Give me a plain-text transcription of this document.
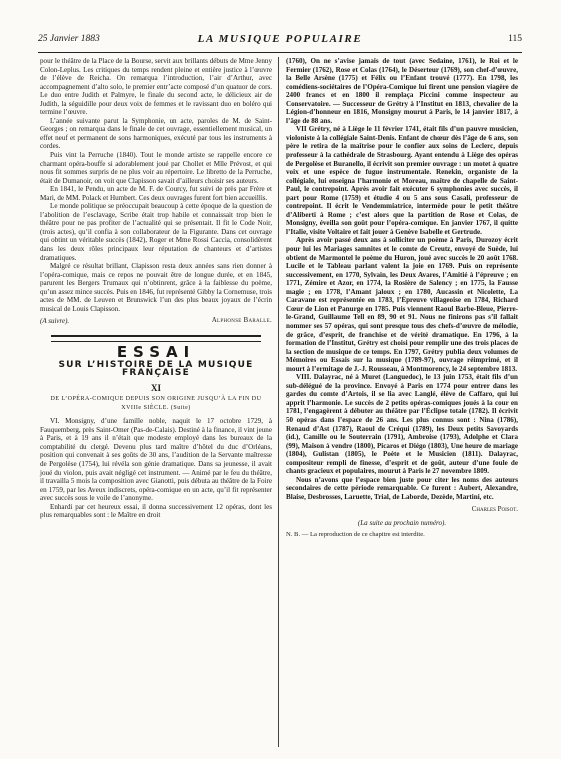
25 Janvier 1883	LA MUSIQUE POPULAIRE	115

pour le théâtre de la Place de la Bourse, servit aux brillants débuts de Mme Jenny Colon-Leplus. Les critiques du temps rendent pleine et entière justice à l’œuvre de l’élève de Reicha. On remarqua l’introduction, l’air d’Arthur, avec accompagnement d’alto solo, le premier entr’acte composé d’un quatuor de cors. Le duo entre Judith et Palmyre, le finale du second acte, le délicieux air de Judith, la séguidille pour deux voix de femmes et le ravissant duo en boléro qui termine l’œuvre.

L’année suivante parut la Symphonie, un acte, paroles de M. de Saint-Georges ; on remarqua dans le finale de cet ouvrage, essentiellement musical, un effet neuf et permanent de sons harmoniques, exécuté par tous les instruments à cordes.

Puis vint la Perruche (1840). Tout le monde artiste se rappelle encore ce charmant opéra-bouffe si adorablement joué par Chollet et Mlle Prévost, et qui nous fit sommes surpris de ne plus voir au répertoire. Le libretto de la Perruche, était de Dumanoir, on voit que Clapisson savait d’ailleurs choisir ses auteurs.

En 1841, le Pendu, un acte de M. F. de Courcy, fut suivi de près par Frère et Mari, de MM. Polack et Humbert. Ces deux ouvrages furent fort bien accueillis.

Le monde politique se préoccupait beaucoup à cette époque de la question de l’abolition de l’esclavage, Scribe était trop habile et connaissait trop bien le théâtre pour ne pas profiter de l’actualité qui se présentait. Il fit le Code Noir, (trois actes), qu’il confia à son collaborateur de la Figurante. Dans cet ouvrage qui obtint un véritable succès (1842), Roger et Mme Rossi Caccia, consolidèrent dans les deux rôles principaux leur réputation de chanteurs et d’artistes dramatiques.

Malgré ce résultat brillant, Clapisson resta deux années sans rien donner à l’opéra-comique, mais ce repos ne pouvait être de longue durée, et en 1845, parurent les Bergers Trumaux qui n’obtinrent, grâce à la faiblesse du poème, qu’un assez mince succès. Puis en 1846, fut représenté Gibby la Cornemuse, trois actes de MM. de Leuven et Brunswick l’un des plus beaux joyaux de l’écrin musical de Louis Clapisson.

(A suivre).	Alphonse Baralle.
ESSAI
SUR L’HISTOIRE DE LA MUSIQUE FRANÇAISE
XI
DE L’OPÉRA-COMIQUE DEPUIS SON ORIGINE JUSQU’À LA FIN DU XVIIIe SIÈCLE. (Suite)

VI. Monsigny, d’une famille noble, naquit le 17 octobre 1729, à Fauquemberg, près Saint-Omer (Pas-de-Calais). Destiné à la finance, il vint jeune à Paris, et à 19 ans il n’était que modeste employé dans les bureaux de la comptabilité du clergé. Devenu plus tard maître d’hôtel du duc d’Orléans, position qui convenait à ses goûts de 30 ans, l’audition de la Servante maîtresse de Pergolèse (1754), lui révéla son génie dramatique. Dans sa jeunesse, il avait joué du violon, puis avait négligé cet instrument. — Animé par le feu du théâtre, il travailla 5 mois la composition avec Gianotti, puis débuta au théâtre de la Foire en 1759, par les Aveux indiscrets, opéra-comique en un acte, qu’il fit représenter avec succès sous le voile de l’anonyme.

Enhardi par cet heureux essai, il donna successivement 12 opéras, dont les plus remarquables sont : le Maître en droit

(1760), On ne s’avise jamais de tout (avec Sedaine, 1761), le Roi et le Fermier (1762), Rose et Colas (1764), le Déserteur (1769), son chef-d’œuvre, la Belle Arsène (1775) et Félix ou l’Enfant trouvé (1777). En 1798, les comédiens-sociétaires de l’Opéra-Comique lui firent une pension viagère de 2400 francs et en 1800 il remplaça Piccini comme inspecteur au Conservatoire. — Successeur de Grétry à l’Institut en 1813, chevalier de la Légion-d’honneur en 1816, Monsigny mourut à Paris, le 14 janvier 1817, à l’âge de 88 ans.

VII Grétry, né à Liège le 11 février 1741, était fils d’un pauvre musicien, violoniste à la collégiale Saint-Denis. Enfant de chœur dès l’âge de 6 ans, son père le retira de la maîtrise pour le confier aux soins de Leclerc, depuis professeur à la cathédrale de Strasbourg. Ayant entendu à Liège des opéras de Pergolèse et Buranello, il écrivit son premier ouvrage : un motet à quatre voix et une espèce de fugue instrumentale. Renekin, organiste de la collégiale, lui enseigna l’harmonie et Moreau, maître de chapelle de Saint-Paul, le contrepoint. Après avoir fait exécuter 6 symphonies avec succès, il part pour Rome (1759) et étudie 4 ou 5 ans sous Casali, professeur de contrepoint. Il écrit le Vendemmiatrice, intermède pour le petit théâtre d’Aliberti à Rome ; c’est alors que la partition de Rose et Colas, de Monsigny, éveilla son goût pour l’opéra-comique. En janvier 1767, il quitte l’Italie, visite Voltaire et fait jouer à Genève Isabelle et Gertrude.

Après avoir passé deux ans à solliciter un poème à Paris, Durozoy écrit pour lui les Mariages samnites et le comte de Creutz, envoyé de Suède, lui obtient de Marmontel le poème du Huron, joué avec succès le 20 août 1768. Lucile et le Tableau parlant valent la joie en 1769. Puis on représente successivement, en 1770, Sylvain, les Deux Avares, l’Amitié à l’épreuve ; en 1771, Zémire et Azor, en 1774, la Rosière de Salency ; en 1775, la Fausse magie ; en 1778, l’Amant jaloux ; en 1780, Aucassin et Nicolette, La Caravane est représentée en 1783, l’Épreuve villageoise en 1784, Richard Cœur de Lion et Panurge en 1785. Puis viennent Raoul Barbe-Bleue, Pierre-le-Grand, Guillaume Tell en 89, 90 et 91. Nous ne finirons pas s’il fallait nommer ses 57 opéras, qui sont presque tous des chefs-d’œuvre de mélodie, de grâce, d’esprit, de franchise et de vérité dramatique. En 1796, à la formation de l’Institut, Grétry est choisi pour remplir une des trois places de la section de musique de ce temps. En 1797, Grétry publia deux volumes de Mémoires ou Essais sur la musique (1789-97), ouvrage réimprimé, et il mourt à l’ermitage de J.-J. Rousseau, à Montmorency, le 24 septembre 1813.

VIII. Dalayrac, né à Muret (Languedoc), le 13 juin 1753, était fils d’un sub-délégué de la province. Envoyé à Paris en 1774 pour entrer dans les gardes du comte d’Artois, il se lia avec Langlé, élève de Caffaro, qui lui apprit l’harmonie. Le succès de 2 petits opéras-comiques joués à la cour en 1781, l’engagèrent à débuter au théâtre par l’Éclipse totale (1782). Il écrivit 50 opéras dans l’espace de 26 ans. Les plus connus sont : Nina (1786), Renaud d’Ast (1787), Raoul de Créqui (1789), les Deux petits Savoyards (id.), Camille ou le Souterrain (1791), Ambroise (1793), Adolphe et Clara (99), Maison à vendre (1800), Picaros et Diégo (1803), Une heure de mariage (1804), Gulistan (1805), le Poète et le Musicien (1811). Dalayrac, compositeur rempli de finesse, d’esprit et de goût, auteur d’une foule de chants gracieux et populaires, mourut à Paris le 27 novembre 1809.

Nous n’avons que l’espace bien juste pour citer les noms des auteurs secondaires de cette période remarquable. Ce furent : Aubert, Alexandre, Blaise, Desbrosses, Laruette, Trial, de Laborde, Dezède, Martini, etc.

Charles Poisot.
(La suite au prochain numéro).
N. B. — La reproduction de ce chapitre est interdite.
